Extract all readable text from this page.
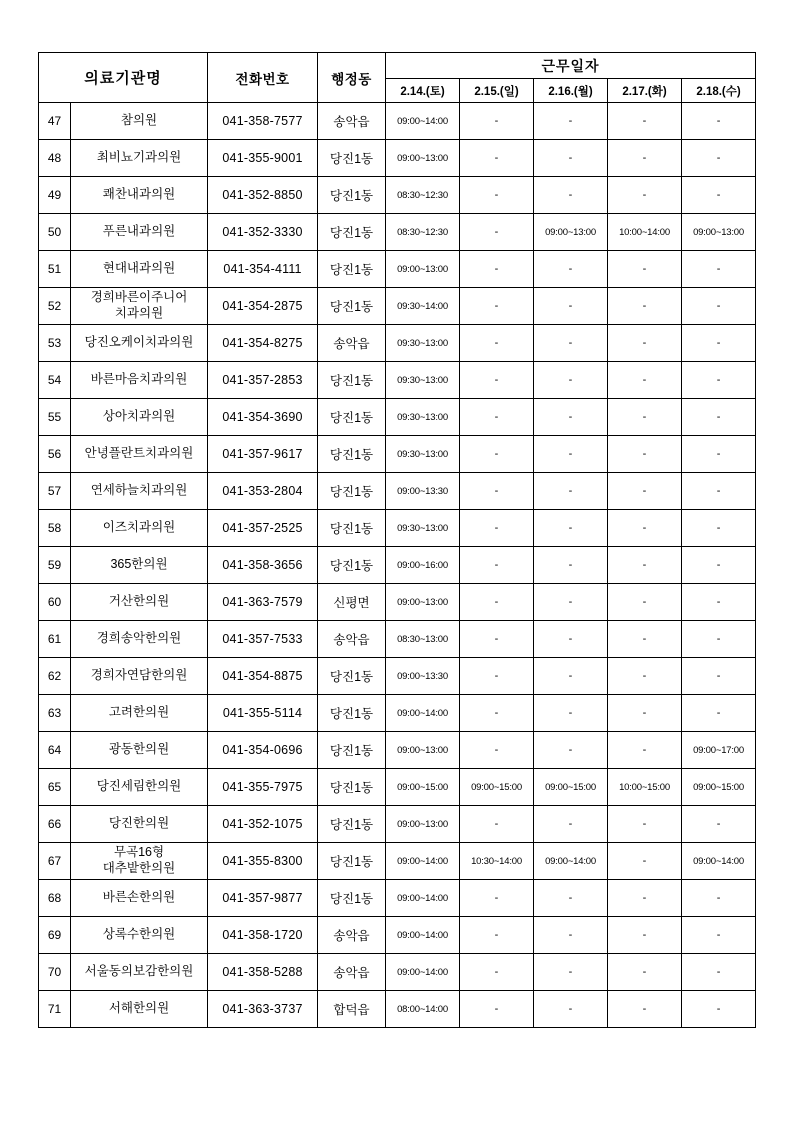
의료기관명		전화번호	행정동	근무일자				
				2.14.(토)	2.15.(일)	2.16.(월)	2.17.(화)	2.18.(수)
47	참의원	041-358-7577	송악읍	09:00~14:00	-	-	-	-
48	최비뇨기과의원	041-355-9001	당진1동	09:00~13:00	-	-	-	-
49	쾌찬내과의원	041-352-8850	당진1동	08:30~12:30	-	-	-	-
50	푸른내과의원	041-352-3330	당진1동	08:30~12:30	-	09:00~13:00	10:00~14:00	09:00~13:00
51	현대내과의원	041-354-4111	당진1동	09:00~13:00	-	-	-	-
52	경희바른이주니어
치과의원	041-354-2875	당진1동	09:30~14:00	-	-	-	-
53	당진오케이치과의원	041-354-8275	송악읍	09:30~13:00	-	-	-	-
54	바른마음치과의원	041-357-2853	당진1동	09:30~13:00	-	-	-	-
55	상아치과의원	041-354-3690	당진1동	09:30~13:00	-	-	-	-
56	안녕플란트치과의원	041-357-9617	당진1동	09:30~13:00	-	-	-	-
57	연세하늘치과의원	041-353-2804	당진1동	09:00~13:30	-	-	-	-
58	이즈치과의원	041-357-2525	당진1동	09:30~13:00	-	-	-	-
59	365한의원	041-358-3656	당진1동	09:00~16:00	-	-	-	-
60	거산한의원	041-363-7579	신평면	09:00~13:00	-	-	-	-
61	경희송악한의원	041-357-7533	송악읍	08:30~13:00	-	-	-	-
62	경희자연담한의원	041-354-8875	당진1동	09:00~13:30	-	-	-	-
63	고려한의원	041-355-5114	당진1동	09:00~14:00	-	-	-	-
64	광동한의원	041-354-0696	당진1동	09:00~13:00	-	-	-	09:00~17:00
65	당진세림한의원	041-355-7975	당진1동	09:00~15:00	09:00~15:00	09:00~15:00	10:00~15:00	09:00~15:00
66	당진한의원	041-352-1075	당진1동	09:00~13:00	-	-	-	-
67	무곡16형
대추밭한의원	041-355-8300	당진1동	09:00~14:00	10:30~14:00	09:00~14:00	-	09:00~14:00
68	바른손한의원	041-357-9877	당진1동	09:00~14:00	-	-	-	-
69	상록수한의원	041-358-1720	송악읍	09:00~14:00	-	-	-	-
70	서울동의보감한의원	041-358-5288	송악읍	09:00~14:00	-	-	-	-
71	서해한의원	041-363-3737	합덕읍	08:00~14:00	-	-	-	-
